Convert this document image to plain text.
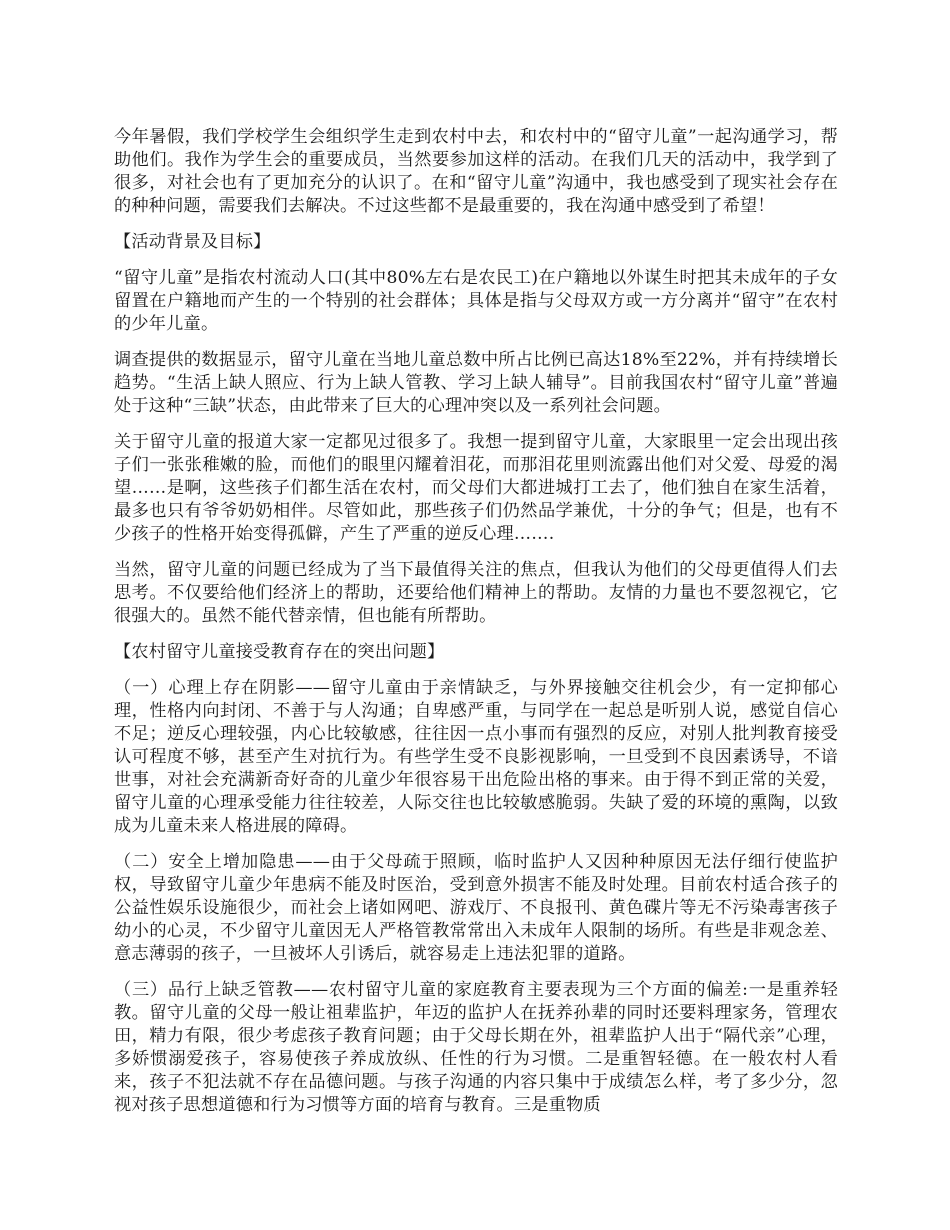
今年暑假，我们学校学生会组织学生走到农村中去，和农村中的“留守儿童”一起沟通学习，帮助他们。我作为学生会的重要成员，当然要参加这样的活动。在我们几天的活动中，我学到了很多，对社会也有了更加充分的认识了。在和“留守儿童”沟通中，我也感受到了现实社会存在的种种问题，需要我们去解决。不过这些都不是最重要的，我在沟通中感受到了希望！

【活动背景及目标】

“留守儿童”是指农村流动人口(其中80%左右是农民工)在户籍地以外谋生时把其未成年的子女留置在户籍地而产生的一个特别的社会群体；具体是指与父母双方或一方分离并“留守”在农村的少年儿童。

调查提供的数据显示，留守儿童在当地儿童总数中所占比例已高达18%至22%，并有持续增长趋势。“生活上缺人照应、行为上缺人管教、学习上缺人辅导”。目前我国农村“留守儿童”普遍处于这种“三缺”状态，由此带来了巨大的心理冲突以及一系列社会问题。

关于留守儿童的报道大家一定都见过很多了。我想一提到留守儿童，大家眼里一定会出现出孩子们一张张稚嫩的脸，而他们的眼里闪耀着泪花，而那泪花里则流露出他们对父爱、母爱的渴望……是啊，这些孩子们都生活在农村，而父母们大都进城打工去了，他们独自在家生活着，最多也只有爷爷奶奶相伴。尽管如此，那些孩子们仍然品学兼优，十分的争气；但是，也有不少孩子的性格开始变得孤僻，产生了严重的逆反心理…….

当然，留守儿童的问题已经成为了当下最值得关注的焦点，但我认为他们的父母更值得人们去思考。不仅要给他们经济上的帮助，还要给他们精神上的帮助。友情的力量也不要忽视它，它很强大的。虽然不能代替亲情，但也能有所帮助。

【农村留守儿童接受教育存在的突出问题】

（一）心理上存在阴影——留守儿童由于亲情缺乏，与外界接触交往机会少，有一定抑郁心理，性格内向封闭、不善于与人沟通；自卑感严重，与同学在一起总是听别人说，感觉自信心不足；逆反心理较强，内心比较敏感，往往因一点小事而有强烈的反应，对别人批判教育接受认可程度不够，甚至产生对抗行为。有些学生受不良影视影响，一旦受到不良因素诱导，不谙世事，对社会充满新奇好奇的儿童少年很容易干出危险出格的事来。由于得不到正常的关爱，留守儿童的心理承受能力往往较差，人际交往也比较敏感脆弱。失缺了爱的环境的熏陶，以致成为儿童未来人格进展的障碍。

（二）安全上增加隐患——由于父母疏于照顾，临时监护人又因种种原因无法仔细行使监护权，导致留守儿童少年患病不能及时医治，受到意外损害不能及时处理。目前农村适合孩子的公益性娱乐设施很少，而社会上诸如网吧、游戏厅、不良报刊、黄色碟片等无不污染毒害孩子幼小的心灵，不少留守儿童因无人严格管教常常出入未成年人限制的场所。有些是非观念差、意志薄弱的孩子，一旦被坏人引诱后，就容易走上违法犯罪的道路。

（三）品行上缺乏管教——农村留守儿童的家庭教育主要表现为三个方面的偏差:一是重养轻教。留守儿童的父母一般让祖辈监护，年迈的监护人在抚养孙辈的同时还要料理家务，管理农田，精力有限，很少考虑孩子教育问题；由于父母长期在外，祖辈监护人出于“隔代亲”心理，多娇惯溺爱孩子，容易使孩子养成放纵、任性的行为习惯。二是重智轻德。在一般农村人看来，孩子不犯法就不存在品德问题。与孩子沟通的内容只集中于成绩怎么样，考了多少分，忽视对孩子思想道德和行为习惯等方面的培育与教育。三是重物质
